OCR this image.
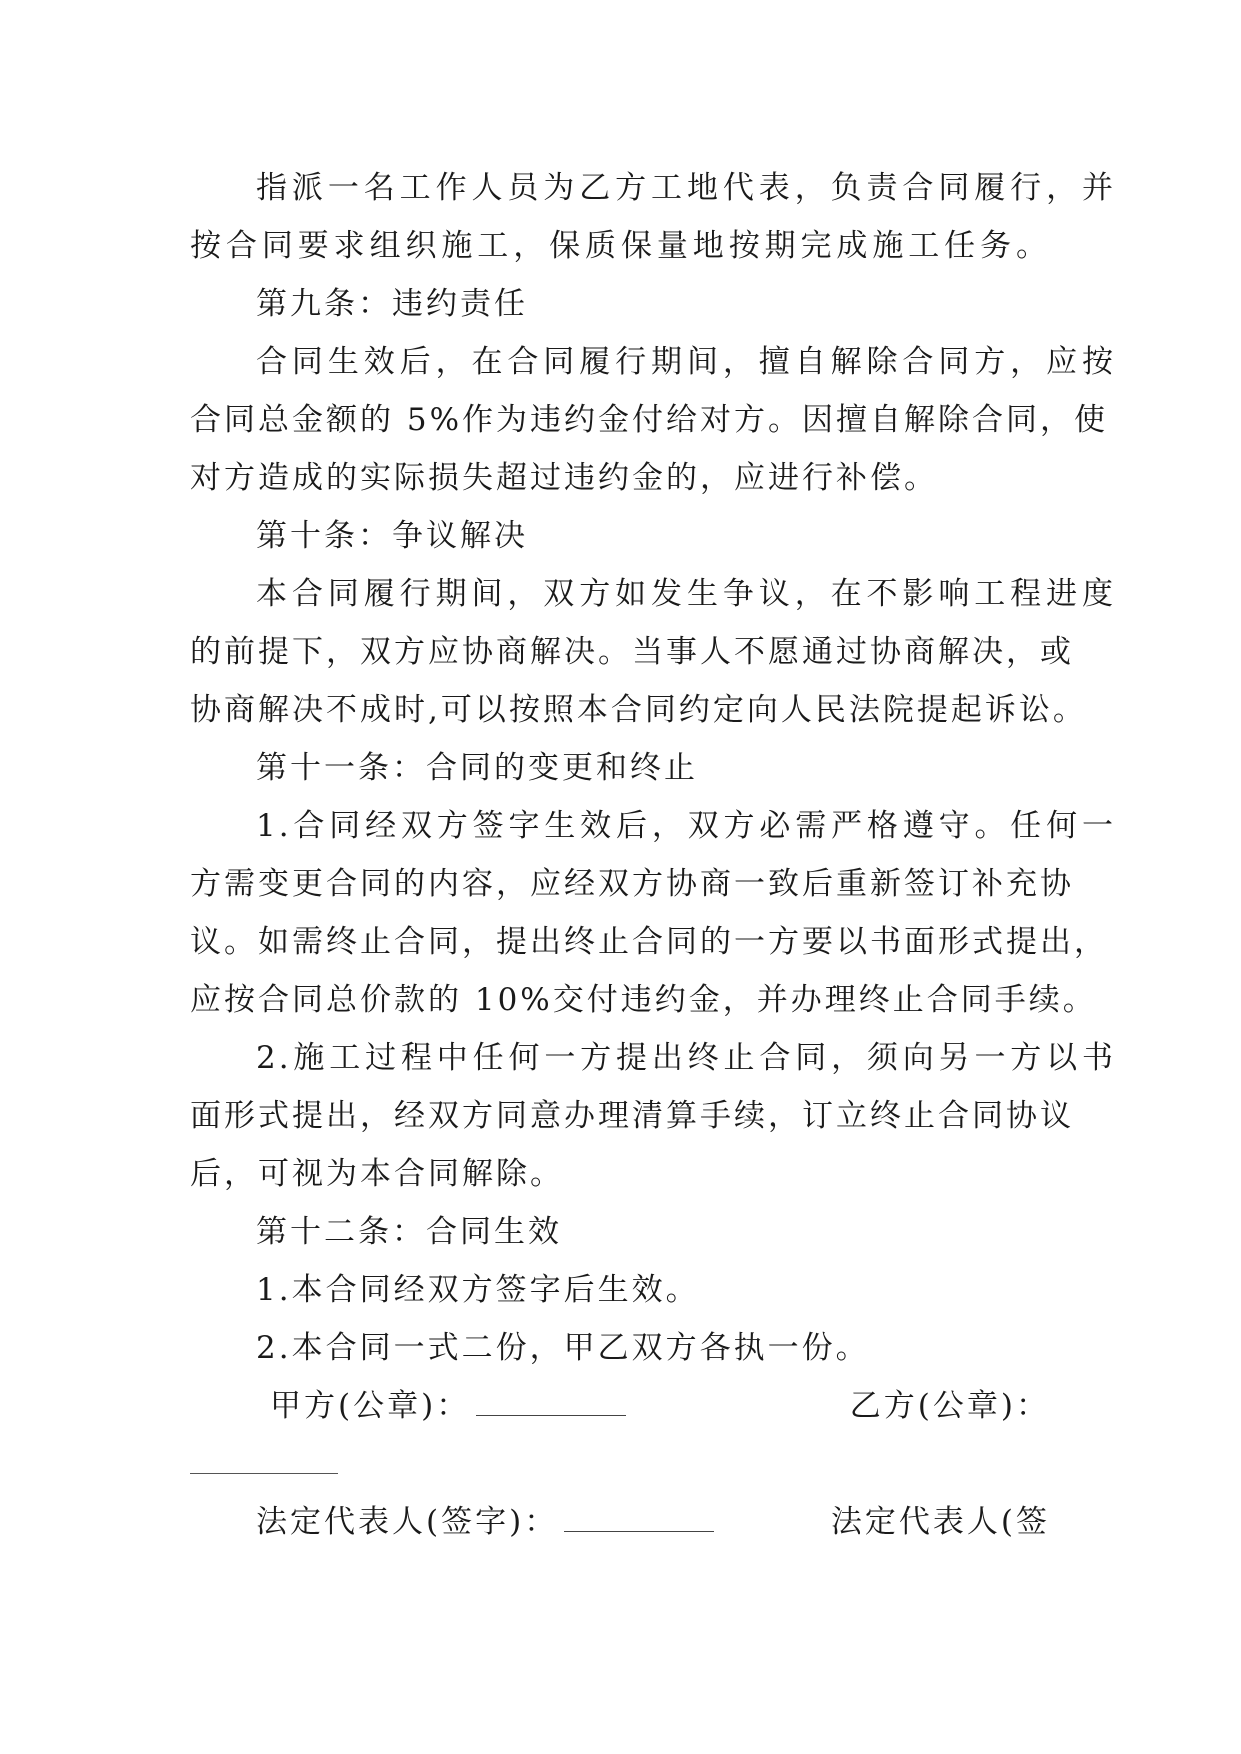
指派一名工作人员为乙方工地代表，负责合同履行，并
按合同要求组织施工，保质保量地按期完成施工任务。
第九条：违约责任
合同生效后，在合同履行期间，擅自解除合同方，应按
合同总金额的 5%作为违约金付给对方。因擅自解除合同，使
对方造成的实际损失超过违约金的，应进行补偿。
第十条：争议解决
本合同履行期间，双方如发生争议，在不影响工程进度
的前提下，双方应协商解决。当事人不愿通过协商解决，或
协商解决不成时,可以按照本合同约定向人民法院提起诉讼。
第十一条：合同的变更和终止
1.合同经双方签字生效后，双方必需严格遵守。任何一
方需变更合同的内容，应经双方协商一致后重新签订补充协
议。如需终止合同，提出终止合同的一方要以书面形式提出，
应按合同总价款的 10%交付违约金，并办理终止合同手续。
2.施工过程中任何一方提出终止合同，须向另一方以书
面形式提出，经双方同意办理清算手续，订立终止合同协议
后，可视为本合同解除。
第十二条：合同生效
1.本合同经双方签字后生效。
2.本合同一式二份，甲乙双方各执一份。
甲方(公章)：	乙方(公章)：
法定代表人(签字)：	法定代表人(签
